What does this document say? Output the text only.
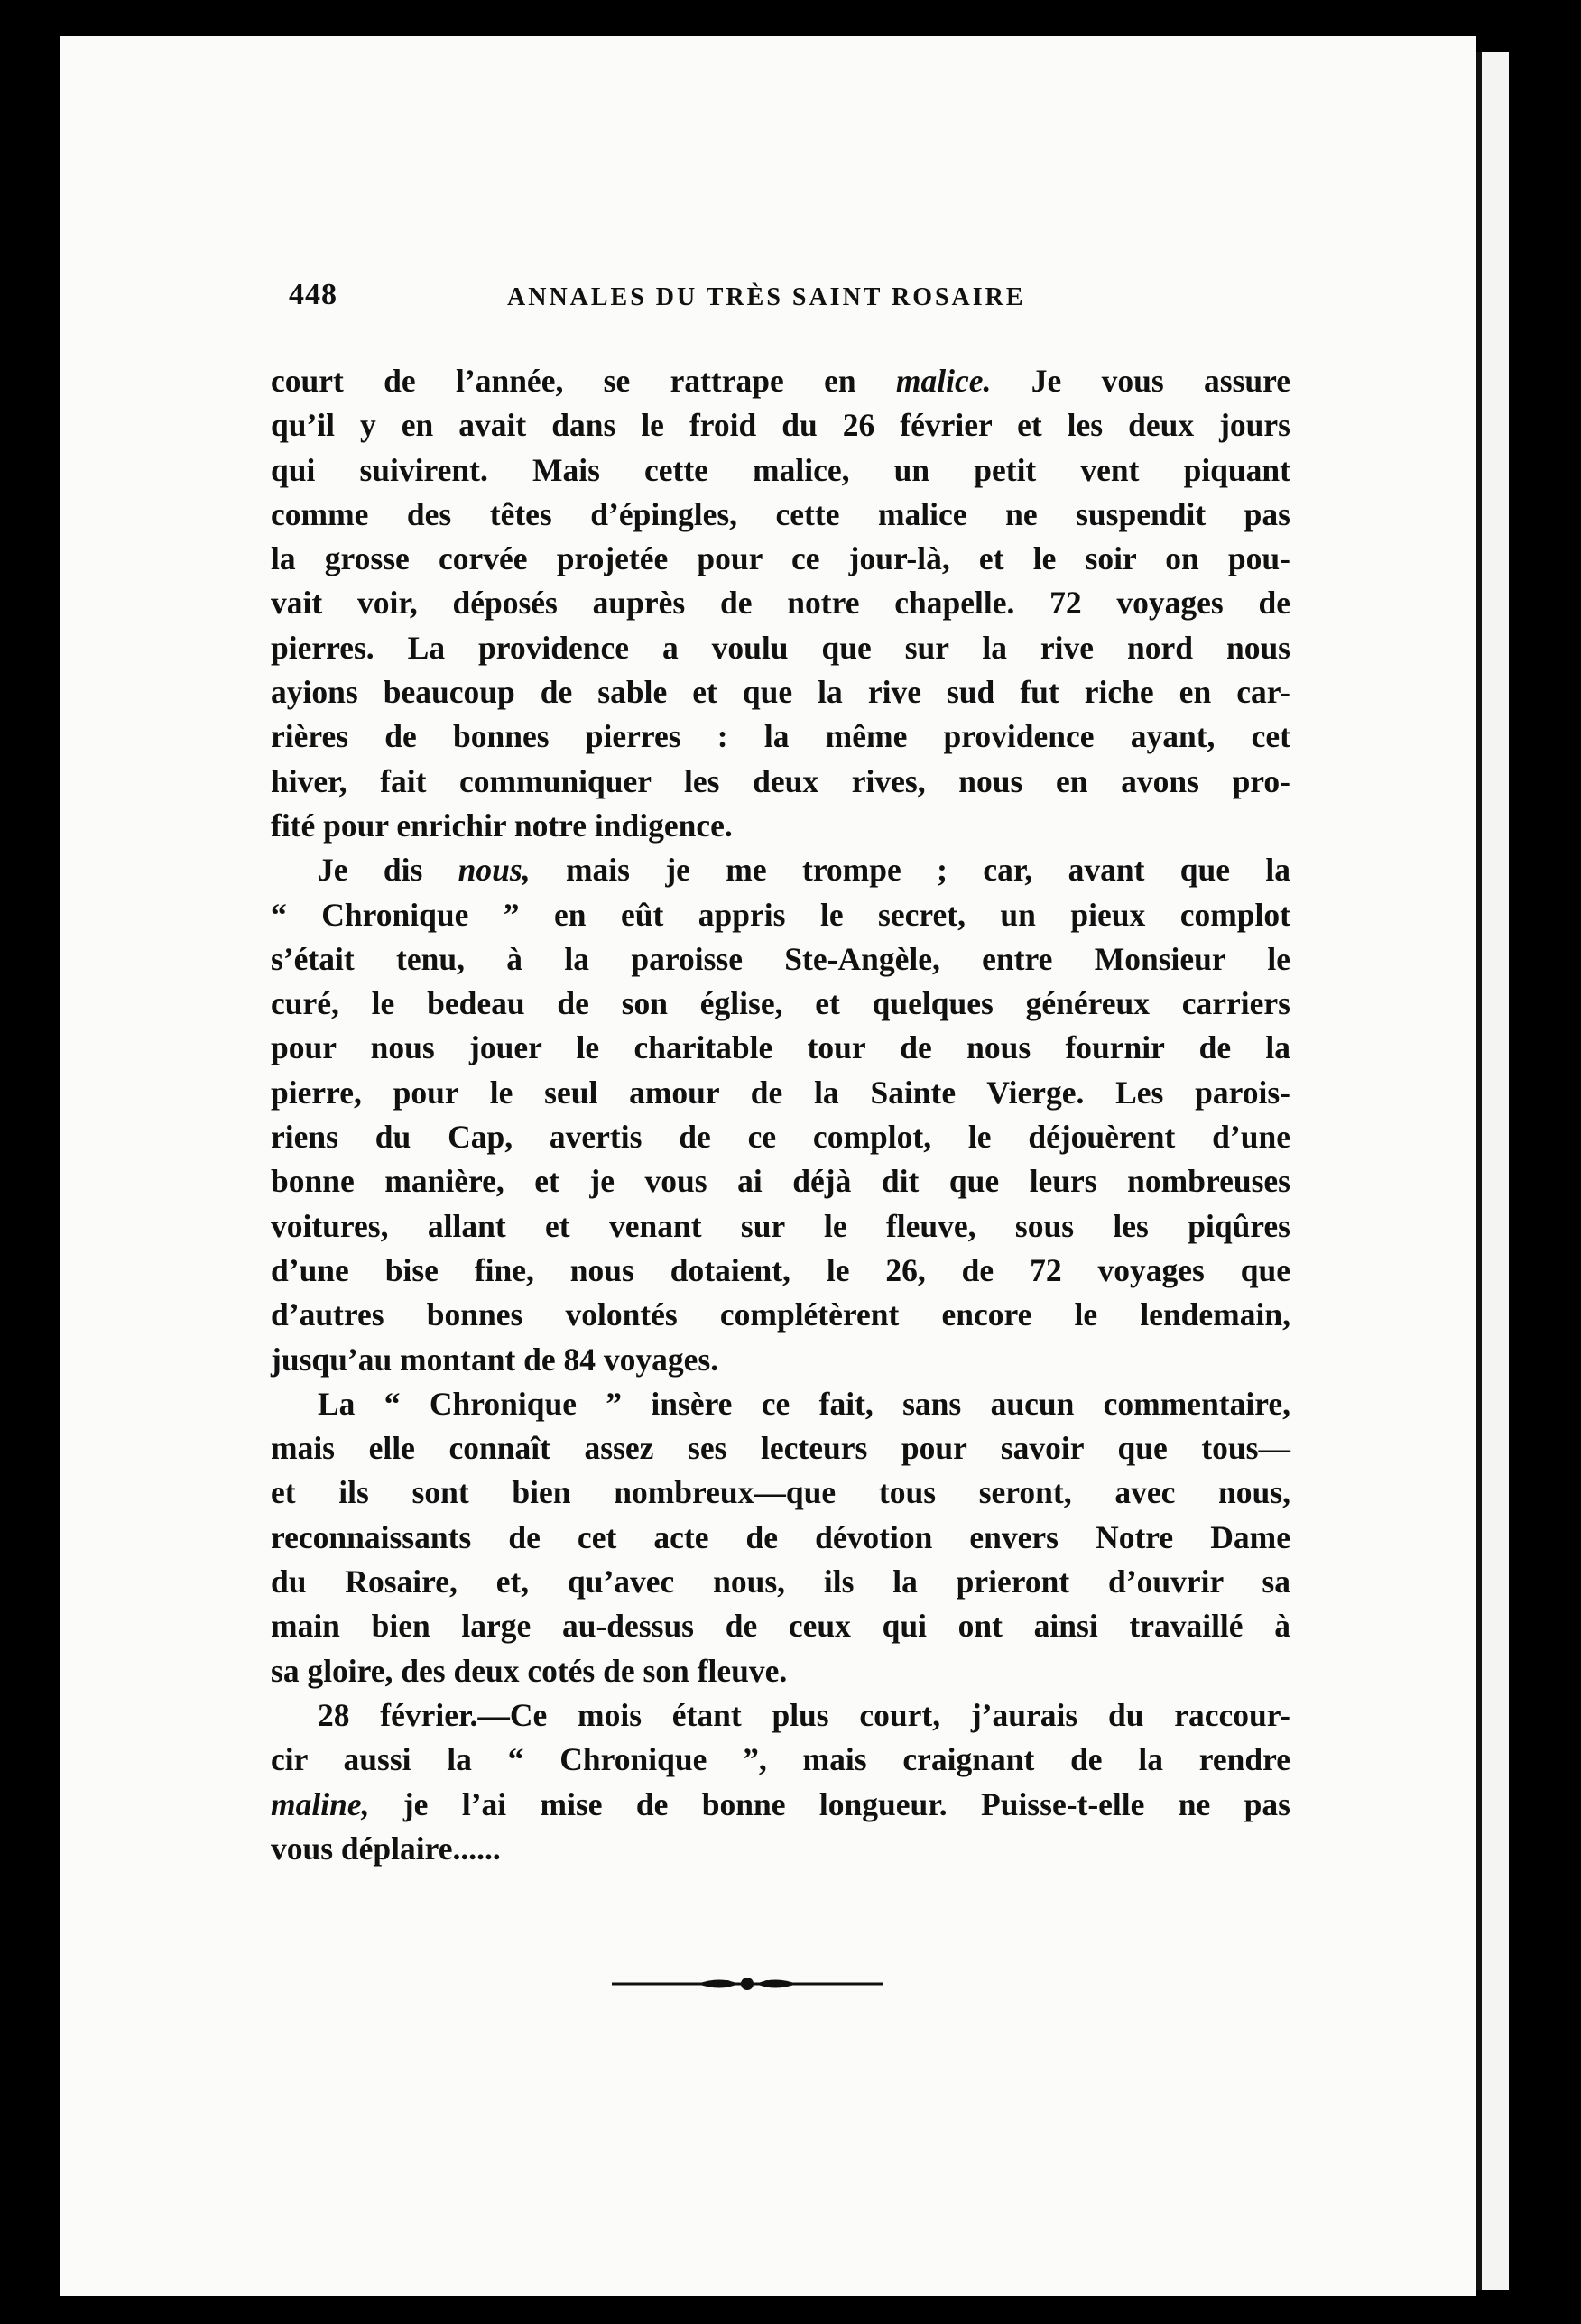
448	ANNALES DU TRÈS SAINT ROSAIRE

court de l’année, se rattrape en malice. Je vous assure
qu’il y en avait dans le froid du 26 février et les deux jours
qui suivirent. Mais cette malice, un petit vent piquant
comme des têtes d’épingles, cette malice ne suspendit pas
la grosse corvée projetée pour ce jour-là, et le soir on pou-
vait voir, déposés auprès de notre chapelle. 72 voyages de
pierres. La providence a voulu que sur la rive nord nous
ayions beaucoup de sable et que la rive sud fut riche en car-
rières de bonnes pierres : la même providence ayant, cet
hiver, fait communiquer les deux rives, nous en avons pro-
fité pour enrichir notre indigence.

Je dis nous, mais je me trompe ; car, avant que la
“ Chronique ” en eût appris le secret, un pieux complot
s’était tenu, à la paroisse Ste-Angèle, entre Monsieur le
curé, le bedeau de son église, et quelques généreux carriers
pour nous jouer le charitable tour de nous fournir de la
pierre, pour le seul amour de la Sainte Vierge. Les parois-
riens du Cap, avertis de ce complot, le déjouèrent d’une
bonne manière, et je vous ai déjà dit que leurs nombreuses
voitures, allant et venant sur le fleuve, sous les piqûres
d’une bise fine, nous dotaient, le 26, de 72 voyages que
d’autres bonnes volontés complétèrent encore le lendemain,
jusqu’au montant de 84 voyages.

La “ Chronique ” insère ce fait, sans aucun commentaire,
mais elle connaît assez ses lecteurs pour savoir que tous—
et ils sont bien nombreux—que tous seront, avec nous,
reconnaissants de cet acte de dévotion envers Notre Dame
du Rosaire, et, qu’avec nous, ils la prieront d’ouvrir sa
main bien large au-dessus de ceux qui ont ainsi travaillé à
sa gloire, des deux cotés de son fleuve.

28 février.—Ce mois étant plus court, j’aurais du raccour-
cir aussi la “ Chronique ”, mais craignant de la rendre
maline, je l’ai mise de bonne longueur. Puisse-t-elle ne pas
vous déplaire......
